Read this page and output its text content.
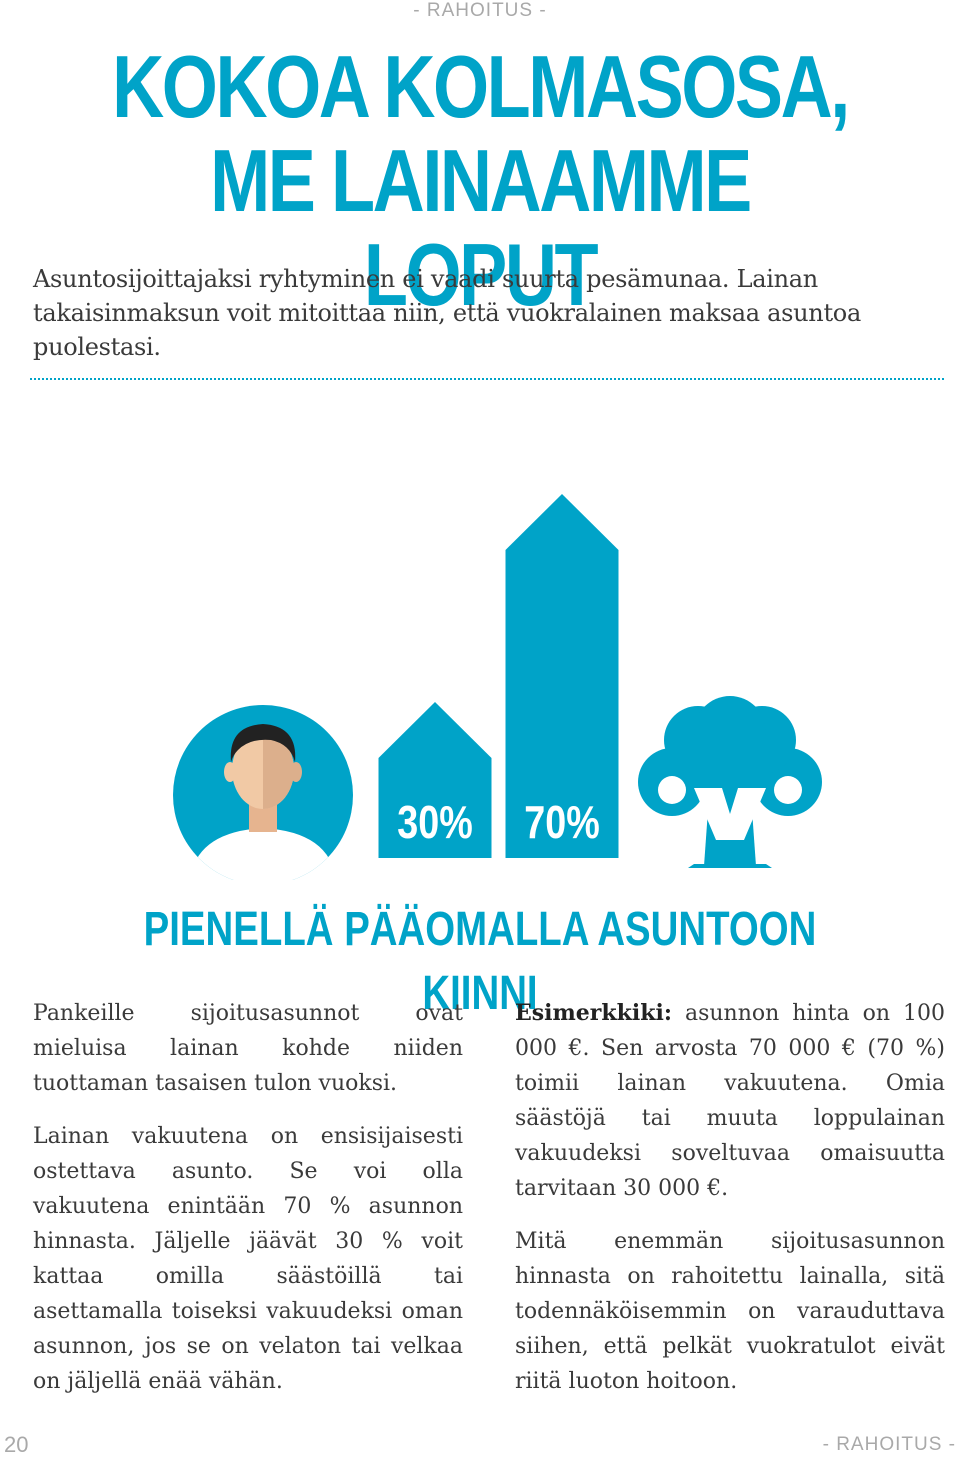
- RAHOITUS -
KOKOA KOLMASOSA,
ME LAINAAMME LOPUT

Asuntosijoittajaksi ryhtyminen ei vaadi suurta pesämunaa. Lainan takaisinmaksun voit mitoittaa niin, että vuokralainen maksaa asuntoa puolestasi.

30% 70%
PIENELLÄ PÄÄOMALLA ASUNTOON KIINNI

Pankeille sijoitusasunnot ovat mieluisa lainan kohde niiden tuottaman tasaisen tulon vuoksi.

Lainan vakuutena on ensisijaisesti ostettava asunto. Se voi olla vakuutena enintään 70 % asunnon hinnasta. Jäljelle jäävät 30 % voit kattaa omilla säästöillä tai asettamalla toiseksi vakuudeksi oman asunnon, jos se on velaton tai velkaa on jäljellä enää vähän.

Esimerkkiki: asunnon hinta on 100 000 €. Sen arvosta 70 000 € (70 %) toimii lainan vakuutena. Omia säästöjä tai muuta loppulainan vakuudeksi soveltuvaa omaisuutta tarvitaan 30 000 €.

Mitä enemmän sijoitusasunnon hinnasta on rahoitettu lainalla, sitä todennäköisemmin on varauduttava siihen, että pelkät vuokratulot eivät riitä luoton hoitoon.

20	- RAHOITUS -
